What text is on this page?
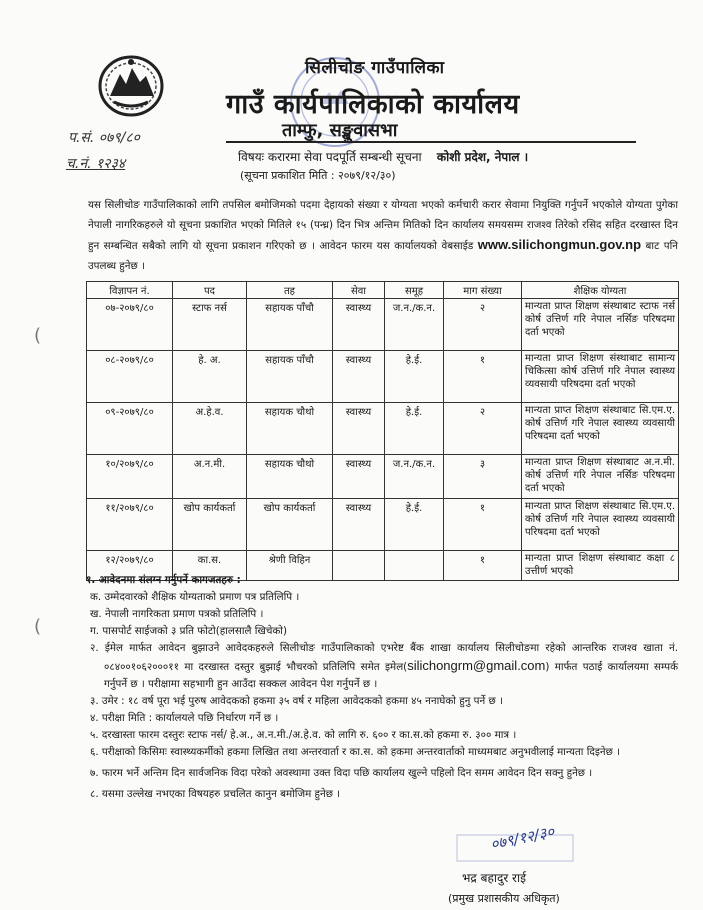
सिलीचोङ गाउँपालिका
गाउँ कार्यपालिकाको कार्यालय
ताम्फु, सङ्खुवासभा
विषयः करारमा सेवा पदपूर्ति सम्बन्धी सूचना कोशी प्रदेश, नेपाल ।
(सूचना प्रकाशित मिति : २०७९/१२/३०)
प.सं. ०७९/८०
च.नं. १२३४
यस सिलीचोङ गाउँपालिकाको लागि तपसिल बमोजिमको पदमा देहायको संख्या र योग्यता भएको कर्मचारी करार सेवामा नियुक्ति गर्नुपर्ने भएकोले योग्यता पुगेका नेपाली नागरिकहरुले यो सूचना प्रकाशित भएको मितिले १५ (पन्ध्र) दिन भित्र अन्तिम मितिको दिन कार्यालय समयसम्म राजश्व तिरेको रसिद सहित दरखास्त दिन हुन सम्बन्धित सबैको लागि यो सूचना प्रकाशन गरिएको छ । आवेदन फारम यस कार्यालयको वेबसाईड www.silichongmun.gov.np बाट पनि उपलब्ध हुनेछ ।
विज्ञापन नं.	पद	तह	सेवा	समूह	माग संख्या	शैक्षिक योग्यता
०७-२०७९/८०	स्टाफ नर्स	सहायक पाँचौ	स्वास्थ्य	ज.न./क.न.	२	मान्यता प्राप्त शिक्षण संस्थाबाट स्टाफ नर्स कोर्ष उत्तिर्ण गरि नेपाल नर्सिङ परिषदमा दर्ता भएको
०८-२०७९/८०	हे. अ.	सहायक पाँचौ	स्वास्थ्य	हे.ई.	१	मान्यता प्राप्त शिक्षण संस्थाबाट सामान्य चिकित्सा कोर्ष उत्तिर्ण गरि नेपाल स्वास्थ्य व्यवसायी परिषदमा दर्ता भएको
०९-२०७९/८०	अ.हे.व.	सहायक चौथो	स्वास्थ्य	हे.ई.	२	मान्यता प्राप्त शिक्षण संस्थाबाट सि.एम.ए. कोर्ष उत्तिर्ण गरि नेपाल स्वास्थ्य व्यवसायी परिषदमा दर्ता भएको
१०/२०७९/८०	अ.न.मी.	सहायक चौथो	स्वास्थ्य	ज.न./क.न.	३	मान्यता प्राप्त शिक्षण संस्थाबाट अ.न.मी. कोर्ष उत्तिर्ण गरि नेपाल नर्सिङ परिषदमा दर्ता भएको
११/२०७९/८०	खोप कार्यकर्ता	खोप कार्यकर्ता	स्वास्थ्य	हे.ई.	१	मान्यता प्राप्त शिक्षण संस्थाबाट सि.एम.ए. कोर्ष उत्तिर्ण गरि नेपाल स्वास्थ्य व्यवसायी परिषदमा दर्ता भएको
१२/२०७९/८०	का.स.	श्रेणी विहिन			१	मान्यता प्राप्त शिक्षण संस्थाबाट कक्षा ८ उत्तीर्ण भएको

१. आवेदनमा संलग्न गर्नुपर्ने कागजतहरु :

क. उम्मेदवारको शैक्षिक योग्यताको प्रमाण पत्र प्रतिलिपि ।

ख. नेपाली नागरिकता प्रमाण पत्रको प्रतिलिपि ।

ग. पासपोर्ट साईजको ३ प्रति फोटो(हालसालै खिचेको)

२. ईमेल मार्फत आवेदन बुझाउने आवेदकहरुले सिलीचोङ गाउँपालिकाको एभरेष्ट बैंक शाखा कार्यालय सिलीचोङमा रहेको आन्तरिक राजश्व खाता नं. ०८४००१०६२०००११ मा दरखास्त दस्तुर बुझाई भौचरको प्रतिलिपि समेत इमेल(silichongrm@gmail.com) मार्फत पठाई कार्यालयमा सम्पर्क गर्नुपर्ने छ । परीक्षामा सहभागी हुन आउँदा सक्कल आवेदन पेश गर्नुपर्ने छ ।

३. उमेर : १८ वर्ष पूरा भई पुरुष आवेदकको हकमा ३५ वर्ष र महिला आवेदकको हकमा ४५ ननाघेको हुनु पर्ने छ ।

४. परीक्षा मिति : कार्यालयले पछि निर्धारण गर्ने छ ।

५. दरखास्ता फारम दस्तुरः स्टाफ नर्स/ हे.अ., अ.न.मी./अ.हे.व. को लागि रु. ६०० र का.स.को हकमा रु. ३०० मात्र ।

६. परीक्षाको किसिमः स्वास्थ्यकर्मीको हकमा लिखित तथा अन्तरवार्ता र का.स. को हकमा अन्तरवार्ताको माध्यमबाट अनुभवीलाई मान्यता दिइनेछ ।

७. फारम भर्ने अन्तिम दिन सार्वजनिक विदा परेको अवस्थामा उक्त विदा पछि कार्यालय खुल्ने पहिलो दिन समम आवेदन दिन सक्नु हुनेछ ।

८. यसमा उल्लेख नभएका विषयहरु प्रचलित कानुन बमोजिम हुनेछ ।

०७९/१२/३०
भद्र बहादुर राई
(प्रमुख प्रशासकीय अधिकृत)
(
(
